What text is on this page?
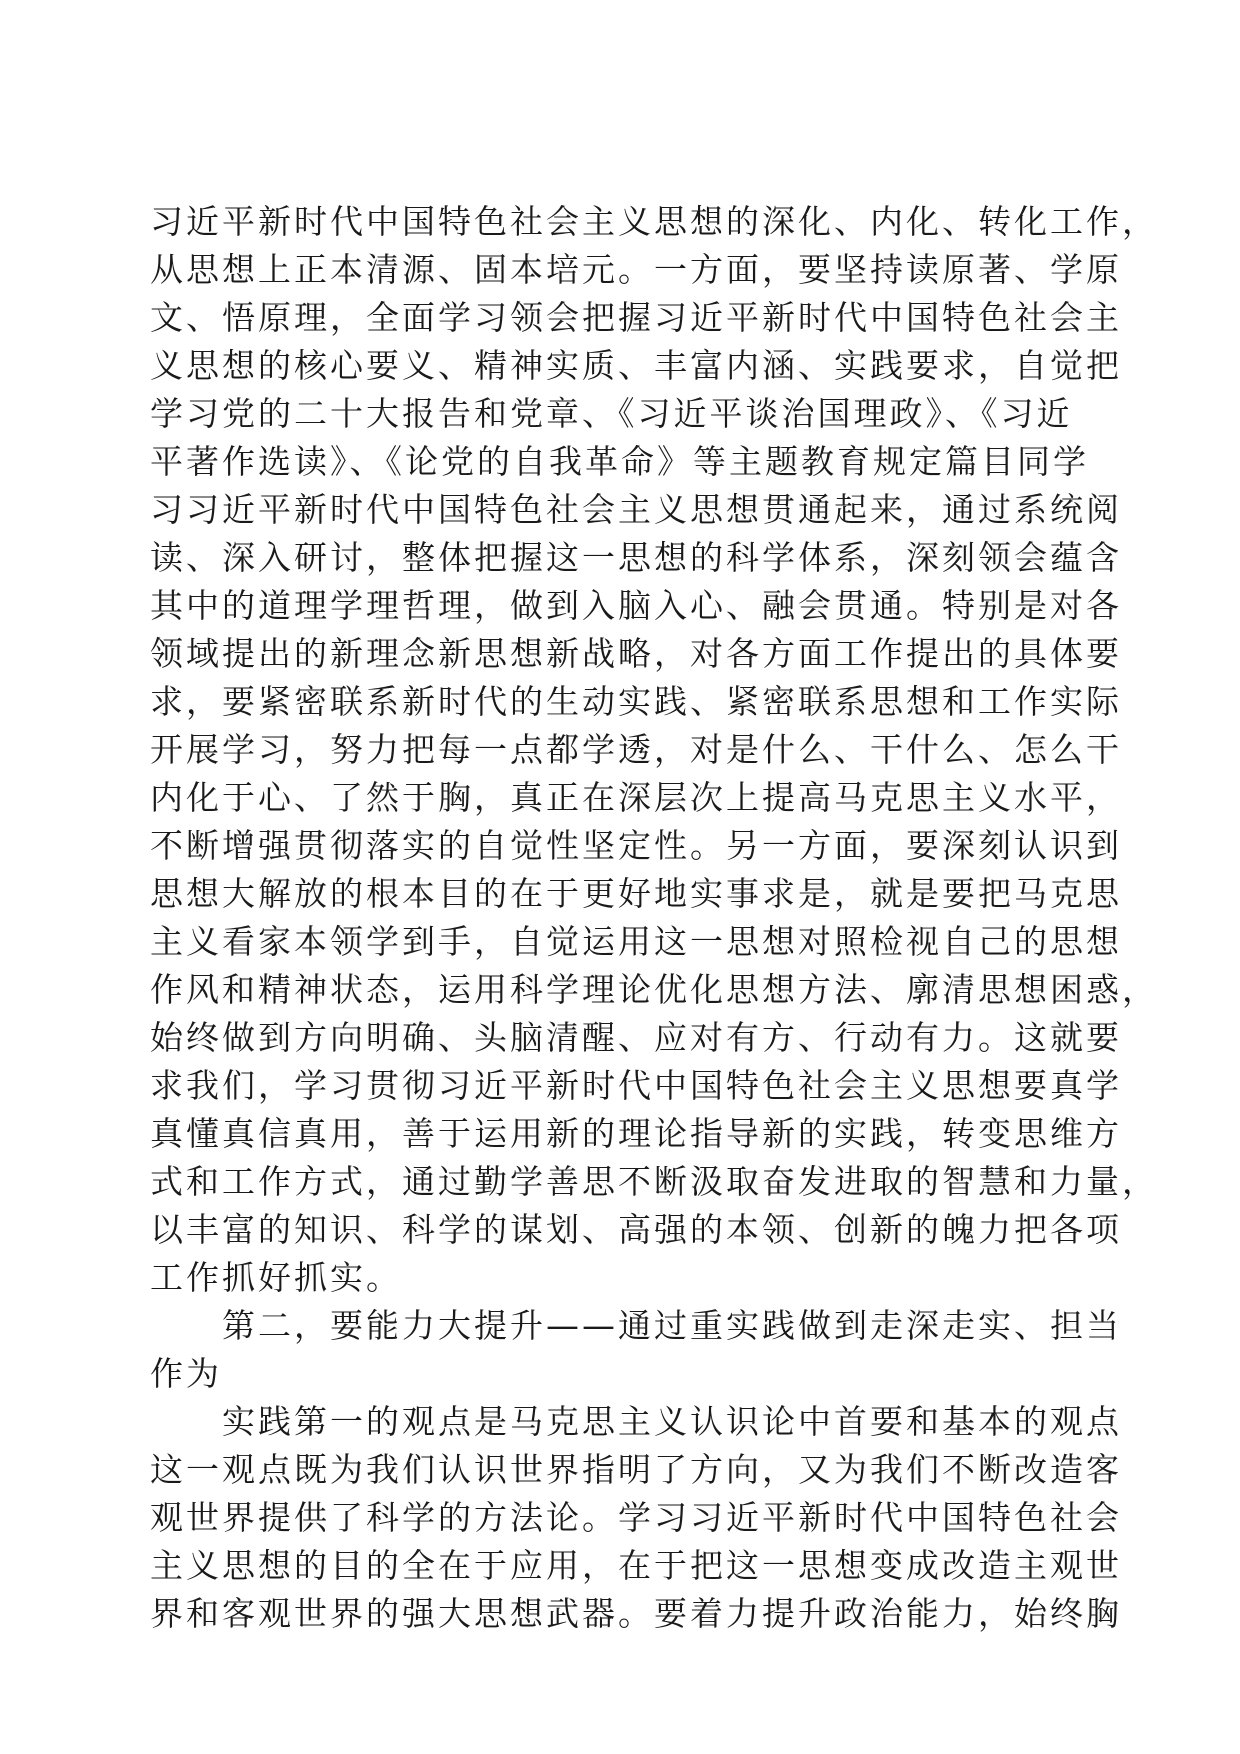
习近平新时代中国特色社会主义思想的深化、内化、转化工作，
从思想上正本清源、固本培元。一方面，要坚持读原著、学原
文、悟原理，全面学习领会把握习近平新时代中国特色社会主
义思想的核心要义、精神实质、丰富内涵、实践要求，自觉把
学习党的二十大报告和党章、《习近平谈治国理政》、《习近
平著作选读》、《论党的自我革命》等主题教育规定篇目同学
习习近平新时代中国特色社会主义思想贯通起来，通过系统阅
读、深入研讨，整体把握这一思想的科学体系，深刻领会蕴含
其中的道理学理哲理，做到入脑入心、融会贯通。特别是对各
领域提出的新理念新思想新战略，对各方面工作提出的具体要
求，要紧密联系新时代的生动实践、紧密联系思想和工作实际
开展学习，努力把每一点都学透，对是什么、干什么、怎么干
内化于心、了然于胸，真正在深层次上提高马克思主义水平，
不断增强贯彻落实的自觉性坚定性。另一方面，要深刻认识到
思想大解放的根本目的在于更好地实事求是，就是要把马克思
主义看家本领学到手，自觉运用这一思想对照检视自己的思想
作风和精神状态，运用科学理论优化思想方法、廓清思想困惑，
始终做到方向明确、头脑清醒、应对有方、行动有力。这就要
求我们，学习贯彻习近平新时代中国特色社会主义思想要真学
真懂真信真用，善于运用新的理论指导新的实践，转变思维方
式和工作方式，通过勤学善思不断汲取奋发进取的智慧和力量，
以丰富的知识、科学的谋划、高强的本领、创新的魄力把各项
工作抓好抓实。
　　第二，要能力大提升——通过重实践做到走深走实、担当
作为
　　实践第一的观点是马克思主义认识论中首要和基本的观点
这一观点既为我们认识世界指明了方向，又为我们不断改造客
观世界提供了科学的方法论。学习习近平新时代中国特色社会
主义思想的目的全在于应用，在于把这一思想变成改造主观世
界和客观世界的强大思想武器。要着力提升政治能力，始终胸
